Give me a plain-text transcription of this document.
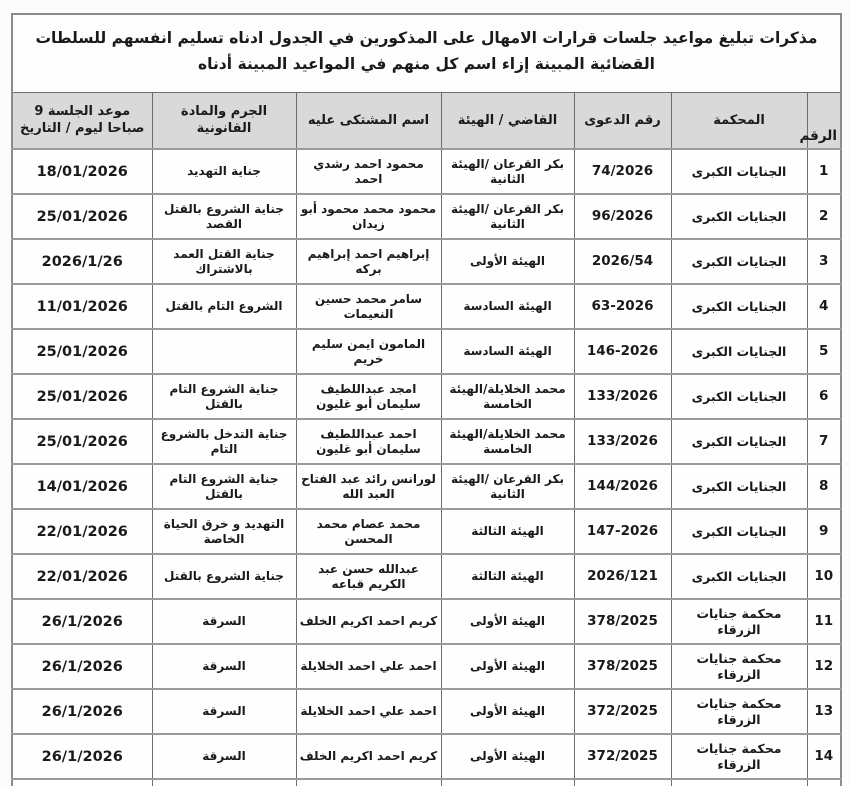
مذكرات تبليغ مواعيد جلسات قرارات الامهال على المذكورين في الجدول ادناه تسليم انفسهم للسلطات القضائية المبينة إزاء اسم كل منهم في المواعيد المبينة أدناه						
الرقم	المحكمة	رقم الدعوى	القاضي / الهيئة	اسم المشتكى عليه	الجرم والمادة القانونية	موعد الجلسة 9 صباحا ليوم / التاريخ
1	الجنايات الكبرى	74/2026	بكر القرعان /الهيئة الثانية	محمود احمد رشدي احمد	جناية التهديد	18/01/2026
2	الجنايات الكبرى	96/2026	بكر القرعان /الهيئة الثانية	محمود محمد محمود أبو زيدان	جناية الشروع بالقتل القصد	25/01/2026
3	الجنايات الكبرى	2026/54	الهيئة الأولى	إبراهيم احمد إبراهيم بركه	جناية القتل العمد بالاشتراك	2026/1/26
4	الجنايات الكبرى	63-2026	الهيئة السادسة	سامر محمد حسين النعيمات	الشروع التام بالقتل	11/01/2026
5	الجنايات الكبرى	146-2026	الهيئة السادسة	المامون ايمن سليم خريم		25/01/2026
6	الجنايات الكبرى	133/2026	محمد الخلايلة/الهيئة الخامسة	امجد عبداللطيف سليمان أبو غليون	جناية الشروع التام بالقتل	25/01/2026
7	الجنايات الكبرى	133/2026	محمد الخلايلة/الهيئة الخامسة	احمد عبداللطيف سليمان أبو غليون	جناية التدخل بالشروع التام	25/01/2026
8	الجنايات الكبرى	144/2026	بكر القرعان /الهيئة الثانية	لورانس رائد عبد الفتاح العبد الله	جناية الشروع التام بالقتل	14/01/2026
9	الجنايات الكبرى	147-2026	الهيئة الثالثة	محمد عصام محمد المحسن	التهديد و خرق الحياة الخاصة	22/01/2026
10	الجنايات الكبرى	2026/121	الهيئة الثالثة	عبدالله حسن عبد الكريم قباعه	جناية الشروع بالقتل	22/01/2026
11	محكمة جنايات الزرقاء	378/2025	الهيئة الأولى	كريم احمد اكريم الخلف	السرقة	26/1/2026
12	محكمة جنايات الزرقاء	378/2025	الهيئة الأولى	احمد علي احمد الخلايلة	السرقة	26/1/2026
13	محكمة جنايات الزرقاء	372/2025	الهيئة الأولى	احمد علي احمد الخلايلة	السرقة	26/1/2026
14	محكمة جنايات الزرقاء	372/2025	الهيئة الأولى	كريم احمد اكريم الخلف	السرقة	26/1/2026
